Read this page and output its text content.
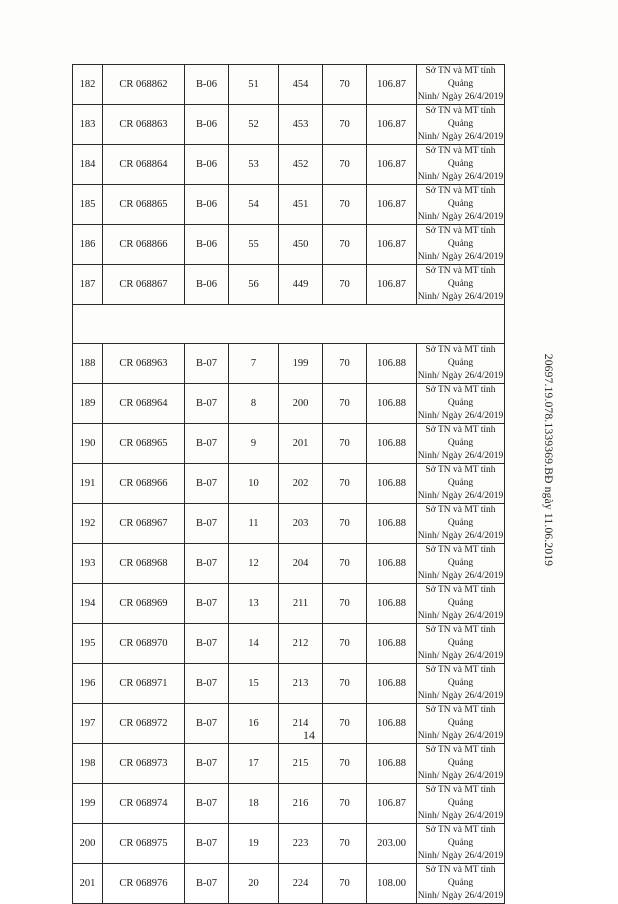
182	CR 068862	B-06	51	454	70	106.87	Sở TN và MT tỉnh Quảng
Ninh/ Ngày 26/4/2019

183	CR 068863	B-06	52	453	70	106.87	Sở TN và MT tỉnh Quảng
Ninh/ Ngày 26/4/2019

184	CR 068864	B-06	53	452	70	106.87	Sở TN và MT tỉnh Quảng
Ninh/ Ngày 26/4/2019

185	CR 068865	B-06	54	451	70	106.87	Sở TN và MT tỉnh Quảng
Ninh/ Ngày 26/4/2019

186	CR 068866	B-06	55	450	70	106.87	Sở TN và MT tỉnh Quảng
Ninh/ Ngày 26/4/2019

187	CR 068867	B-06	56	449	70	106.87	Sở TN và MT tỉnh Quảng
Ninh/ Ngày 26/4/2019

188	CR 068963	B-07	7	199	70	106.88	Sở TN và MT tỉnh Quảng
Ninh/ Ngày 26/4/2019

189	CR 068964	B-07	8	200	70	106.88	Sở TN và MT tỉnh Quảng
Ninh/ Ngày 26/4/2019

190	CR 068965	B-07	9	201	70	106.88	Sở TN và MT tỉnh Quảng
Ninh/ Ngày 26/4/2019

191	CR 068966	B-07	10	202	70	106.88	Sở TN và MT tỉnh Quảng
Ninh/ Ngày 26/4/2019

192	CR 068967	B-07	11	203	70	106.88	Sở TN và MT tỉnh Quảng
Ninh/ Ngày 26/4/2019

193	CR 068968	B-07	12	204	70	106.88	Sở TN và MT tỉnh Quảng
Ninh/ Ngày 26/4/2019

194	CR 068969	B-07	13	211	70	106.88	Sở TN và MT tỉnh Quảng
Ninh/ Ngày 26/4/2019

195	CR 068970	B-07	14	212	70	106.88	Sở TN và MT tỉnh Quảng
Ninh/ Ngày 26/4/2019

196	CR 068971	B-07	15	213	70	106.88	Sở TN và MT tỉnh Quảng
Ninh/ Ngày 26/4/2019

197	CR 068972	B-07	16	214	70	106.88	Sở TN và MT tỉnh Quảng
Ninh/ Ngày 26/4/2019

198	CR 068973	B-07	17	215	70	106.88	Sở TN và MT tỉnh Quảng
Ninh/ Ngày 26/4/2019

199	CR 068974	B-07	18	216	70	106.87	Sở TN và MT tỉnh Quảng
Ninh/ Ngày 26/4/2019

200	CR 068975	B-07	19	223	70	203.00	Sở TN và MT tỉnh Quảng
Ninh/ Ngày 26/4/2019

201	CR 068976	B-07	20	224	70	108.00	Sở TN và MT tỉnh Quảng
Ninh/ Ngày 26/4/2019
20697.19.078.1339369.BĐ ngày 11.06.2019
14
